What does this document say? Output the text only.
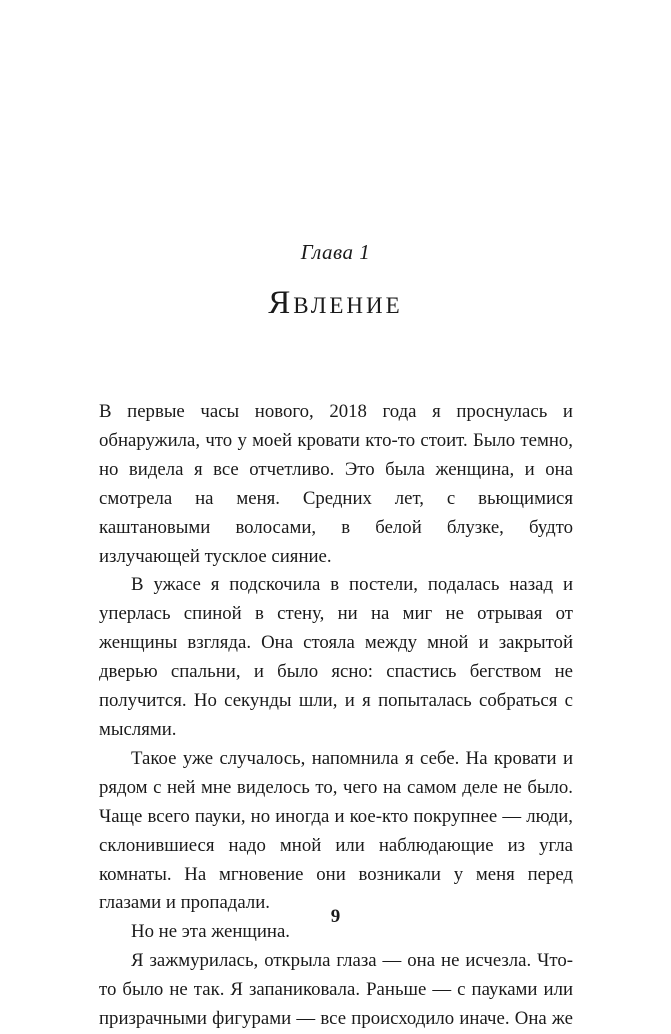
Глава 1
Явление

В первые часы нового, 2018 года я проснулась и обнаружила, что у моей кровати кто-то стоит. Было темно, но видела я все отчетливо. Это была женщина, и она смотрела на меня. Средних лет, с вьющимися каштановыми волосами, в белой блузке, будто излучающей тусклое сияние.

В ужасе я подскочила в постели, подалась назад и уперлась спиной в стену, ни на миг не отрывая от женщины взгляда. Она стояла между мной и закрытой дверью спальни, и было ясно: спастись бегством не получится. Но секунды шли, и я попыталась собраться с мыслями.

Такое уже случалось, напомнила я себе. На кровати и рядом с ней мне виделось то, чего на самом деле не было. Чаще всего пауки, но иногда и кое-кто покрупнее — люди, склонившиеся надо мной или наблюдающие из угла комнаты. На мгновение они возникали у меня перед глазами и пропадали.

Но не эта женщина.

Я зажмурилась, открыла глаза — она не исчезла. Что-то было не так. Я запаниковала. Раньше — с пауками или призрачными фигурами — все происходило иначе. Она же

9
